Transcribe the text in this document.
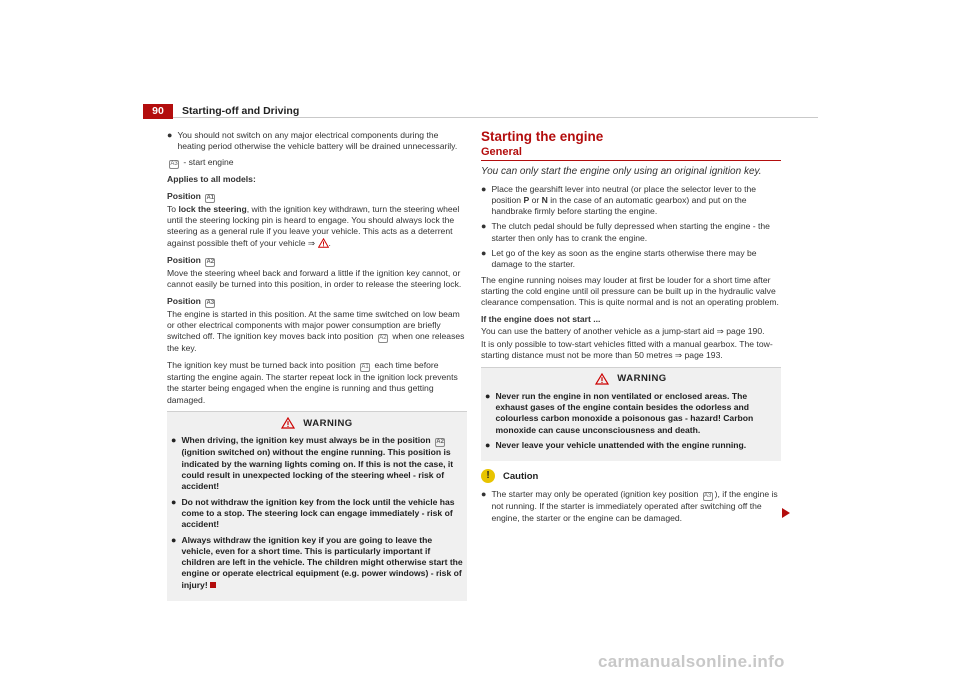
90	Starting-off and Driving
● You should not switch on any major electrical components during the heating period otherwise the vehicle battery will be drained unnecessarily.
A3 - start engine
Applies to all models:
Position A1
To lock the steering, with the ignition key withdrawn, turn the steering wheel until the steering locking pin is heard to engage. You should always lock the steering as a general rule if you leave your vehicle. This acts as a deterrent against possible theft of your vehicle ⇒ .
Position A2
Move the steering wheel back and forward a little if the ignition key cannot, or cannot easily be turned into this position, in order to release the steering lock.
Position A3
The engine is started in this position. At the same time switched on low beam or other electrical components with major power consumption are briefly switched off. The ignition key moves back into position A2 when one releases the key.
The ignition key must be turned back into position A1 each time before starting the engine again. The starter repeat lock in the ignition lock prevents the starter being engaged when the engine is running and thus getting damaged.
WARNING
● When driving, the ignition key must always be in the position A2 (ignition switched on) without the engine running. This position is indicated by the warning lights coming on. If this is not the case, it could result in unexpected locking of the steering wheel - risk of accident!
● Do not withdraw the ignition key from the lock until the vehicle has come to a stop. The steering lock can engage immediately - risk of accident!
● Always withdraw the ignition key if you are going to leave the vehicle, even for a short time. This is particularly important if children are left in the vehicle. The children might otherwise start the engine or operate electrical equipment (e.g. power windows) - risk of injury!
Starting the engine
General
You can only start the engine only using an original ignition key.
● Place the gearshift lever into neutral (or place the selector lever to the position P or N in the case of an automatic gearbox) and put on the handbrake firmly before starting the engine.
● The clutch pedal should be fully depressed when starting the engine - the starter then only has to crank the engine.
● Let go of the key as soon as the engine starts otherwise there may be damage to the starter.
The engine running noises may louder at first be louder for a short time after starting the cold engine until oil pressure can be built up in the hydraulic valve clearance compensation. This is quite normal and is not an operating problem.
If the engine does not start ...
You can use the battery of another vehicle as a jump-start aid ⇒ page 190.
It is only possible to tow-start vehicles fitted with a manual gearbox. The tow-starting distance must not be more than 50 metres ⇒ page 193.
WARNING
● Never run the engine in non ventilated or enclosed areas. The exhaust gases of the engine contain besides the odorless and colourless carbon monoxide a poisonous gas - hazard! Carbon monoxide can cause unconsciousness and death.
● Never leave your vehicle unattended with the engine running.
!	Caution
● The starter may only be operated (ignition key position A3 ), if the engine is not running. If the starter is immediately operated after switching off the engine, the starter or the engine can be damaged.
carmanualsonline.info
